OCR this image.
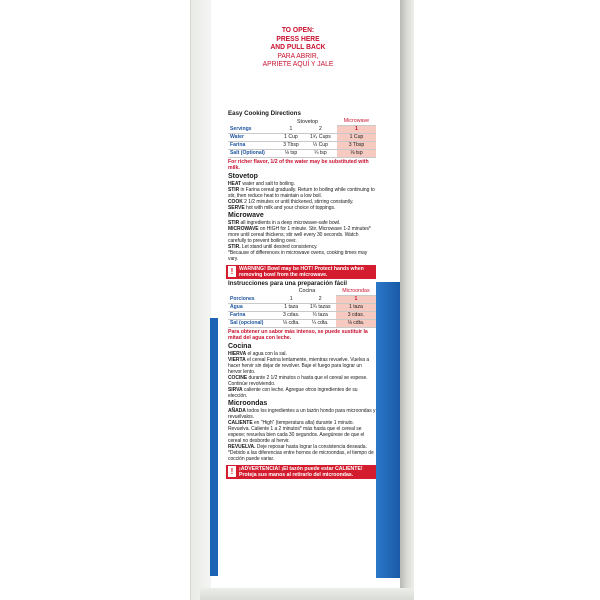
TO OPEN:
PRESS HERE
AND PULL BACK
PARA ABRIR,
APRIETE AQUÍ Y JALE
Easy Cooking Directions
	Stovetop		Microwave
Servings	1	2	1
Water	1 Cup	1³⁄₄ Cups	1 Cup
Farina	3 Tbsp	⅓ Cup	3 Tbsp
Salt (Optional)	⅛ tsp	¼ tsp	⅛ tsp
For richer flavor, 1/2 of the water may be substituted with milk.
Stovetop

HEAT water and salt to boiling.

STIR in Farina cereal gradually. Return to boiling while continuing to stir, then reduce heat to maintain a low boil.

COOK 2 1/2 minutes or until thickened, stirring constantly.

SERVE hot with milk and your choice of toppings.

Microwave

STIR all ingredients in a deep microwave-safe bowl.

MICROWAVE on HIGH for 1 minute. Stir. Microwave 1-2 minutes* more until cereal thickens; stir well every 30 seconds. Watch carefully to prevent boiling over.

STIR. Let stand until desired consistency.

*Because of differences in microwave ovens, cooking times may vary.

!	WARNING! Bowl may be HOT! Protect hands when removing bowl from the microwave.
Instrucciones para una preparación fácil
	Cocina		Microondas
Porciones	1	2	1
Agua	1 taza	1¾ tazas	1 taza
Farina	3 cdas.	⅓ taza	3 cdas.
Sal (opcional)	⅛ cdta.	¼ cdta.	⅛ cdta.
Para obtener un sabor más intenso, se puede sustituir la mitad del agua con leche.
Cocina

HIERVA el agua con la sal.

VIERTA el cereal Farina lentamente, mientras revuelve. Vuelva a hacer hervir sin dejar de revolver. Baje el fuego para lograr un hervor lento.

COCINE durante 2 1/2 minutos o hasta que el cereal se espese. Continúe revolviendo.

SIRVA caliente con leche. Agregue otros ingredientes de su elección.

Microondas

AÑADA todos los ingredientes a un tazón hondo para microondas y revuélvalos.

CALIENTE en "High" (temperatura alta) durante 1 minuto. Revuelva. Caliente 1 a 2 minutos* más hasta que el cereal se espese; revuelva bien cada 30 segundos. Asegúrese de que el cereal no desborde al hervir.

REVUELVA. Deje reposar hasta lograr la consistencia deseada.

*Debido a las diferencias entre hornos de microondas, el tiempo de cocción puede variar.

!	¡ADVERTENCIA! ¡El tazón puede estar CALIENTE! Proteja sus manos al retirarlo del microondas.
